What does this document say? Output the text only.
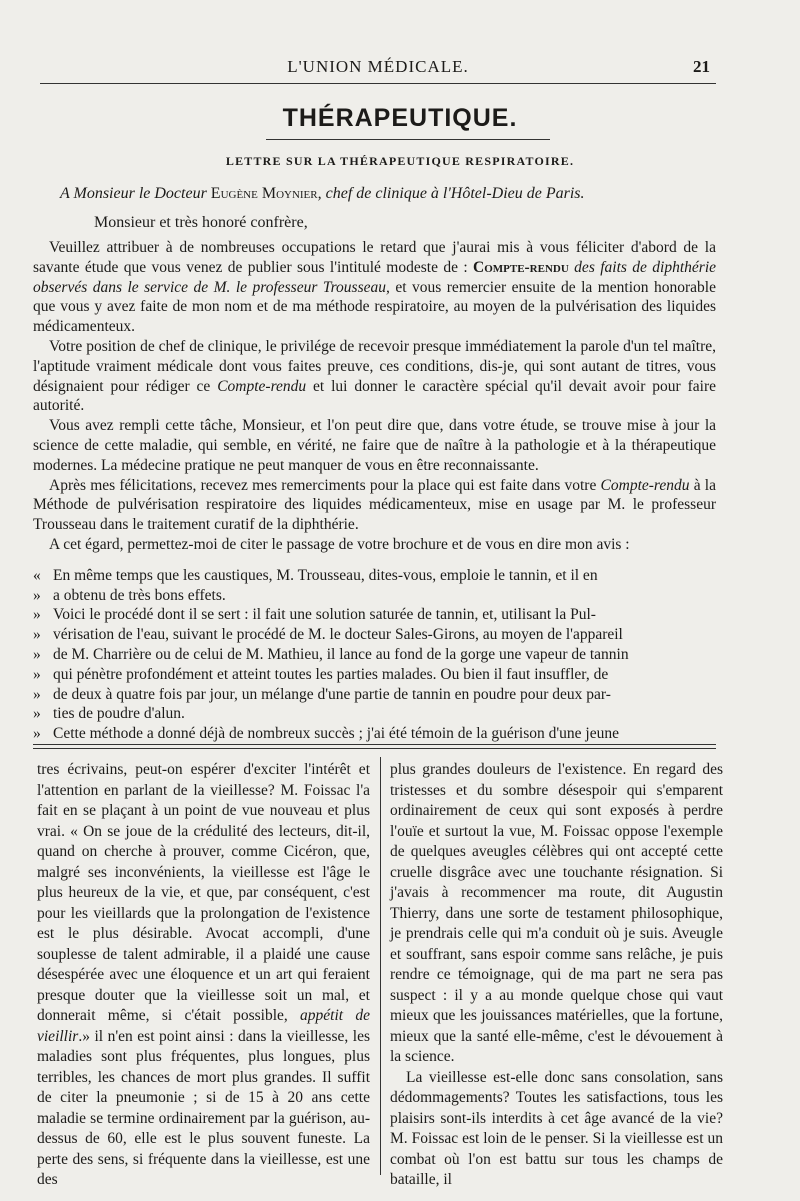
L'UNION MÉDICALE.	21
THÉRAPEUTIQUE.
LETTRE SUR LA THÉRAPEUTIQUE RESPIRATOIRE.
A Monsieur le Docteur Eugène Moynier, chef de clinique à l'Hôtel-Dieu de Paris.
Monsieur et très honoré confrère,

Veuillez attribuer à de nombreuses occupations le retard que j'aurai mis à vous féliciter d'abord de la savante étude que vous venez de publier sous l'intitulé modeste de : Compte-rendu des faits de diphthérie observés dans le service de M. le professeur Trousseau, et vous remercier ensuite de la mention honorable que vous y avez faite de mon nom et de ma méthode respiratoire, au moyen de la pulvérisation des liquides médicamenteux.

Votre position de chef de clinique, le privilége de recevoir presque immédiatement la parole d'un tel maître, l'aptitude vraiment médicale dont vous faites preuve, ces conditions, dis-je, qui sont autant de titres, vous désignaient pour rédiger ce Compte-rendu et lui donner le caractère spécial qu'il devait avoir pour faire autorité.

Vous avez rempli cette tâche, Monsieur, et l'on peut dire que, dans votre étude, se trouve mise à jour la science de cette maladie, qui semble, en vérité, ne faire que de naître à la pathologie et à la thérapeutique modernes. La médecine pratique ne peut manquer de vous en être reconnaissante.

Après mes félicitations, recevez mes remerciments pour la place qui est faite dans votre Compte-rendu à la Méthode de pulvérisation respiratoire des liquides médicamenteux, mise en usage par M. le professeur Trousseau dans le traitement curatif de la diphthérie.

A cet égard, permettez-moi de citer le passage de votre brochure et de vous en dire mon avis :

« En même temps que les caustiques, M. Trousseau, dites-vous, emploie le tannin, et il en
» a obtenu de très bons effets.
» Voici le procédé dont il se sert : il fait une solution saturée de tannin, et, utilisant la Pul-
» vérisation de l'eau, suivant le procédé de M. le docteur Sales-Girons, au moyen de l'appareil
» de M. Charrière ou de celui de M. Mathieu, il lance au fond de la gorge une vapeur de tannin
» qui pénètre profondément et atteint toutes les parties malades. Ou bien il faut insuffler, de
» de deux à quatre fois par jour, un mélange d'une partie de tannin en poudre pour deux par-
» ties de poudre d'alun.
» Cette méthode a donné déjà de nombreux succès ; j'ai été témoin de la guérison d'une jeune

tres écrivains, peut-on espérer d'exciter l'intérêt et l'attention en parlant de la vieillesse? M. Foissac l'a fait en se plaçant à un point de vue nouveau et plus vrai. « On se joue de la crédulité des lecteurs, dit-il, quand on cherche à prouver, comme Cicéron, que, malgré ses inconvénients, la vieillesse est l'âge le plus heureux de la vie, et que, par conséquent, c'est pour les vieillards que la prolongation de l'existence est le plus désirable. Avocat accompli, d'une souplesse de talent admirable, il a plaidé une cause désespérée avec une éloquence et un art qui feraient presque douter que la vieillesse soit un mal, et donnerait même, si c'était possible, appétit de vieillir.» il n'en est point ainsi : dans la vieillesse, les maladies sont plus fréquentes, plus longues, plus terribles, les chances de mort plus grandes. Il suffit de citer la pneumonie ; si de 15 à 20 ans cette maladie se termine ordinairement par la guérison, au-dessus de 60, elle est le plus souvent funeste. La perte des sens, si fréquente dans la vieillesse, est une des

plus grandes douleurs de l'existence. En regard des tristesses et du sombre désespoir qui s'emparent ordinairement de ceux qui sont exposés à perdre l'ouïe et surtout la vue, M. Foissac oppose l'exemple de quelques aveugles célèbres qui ont accepté cette cruelle disgrâce avec une touchante résignation. Si j'avais à recommencer ma route, dit Augustin Thierry, dans une sorte de testament philosophique, je prendrais celle qui m'a conduit où je suis. Aveugle et souffrant, sans espoir comme sans relâche, je puis rendre ce témoignage, qui de ma part ne sera pas suspect : il y a au monde quelque chose qui vaut mieux que les jouissances matérielles, que la fortune, mieux que la santé elle-même, c'est le dévouement à la science.

La vieillesse est-elle donc sans consolation, sans dédommagements? Toutes les satisfactions, tous les plaisirs sont-ils interdits à cet âge avancé de la vie? M. Foissac est loin de le penser. Si la vieillesse est un combat où l'on est battu sur tous les champs de bataille, il
